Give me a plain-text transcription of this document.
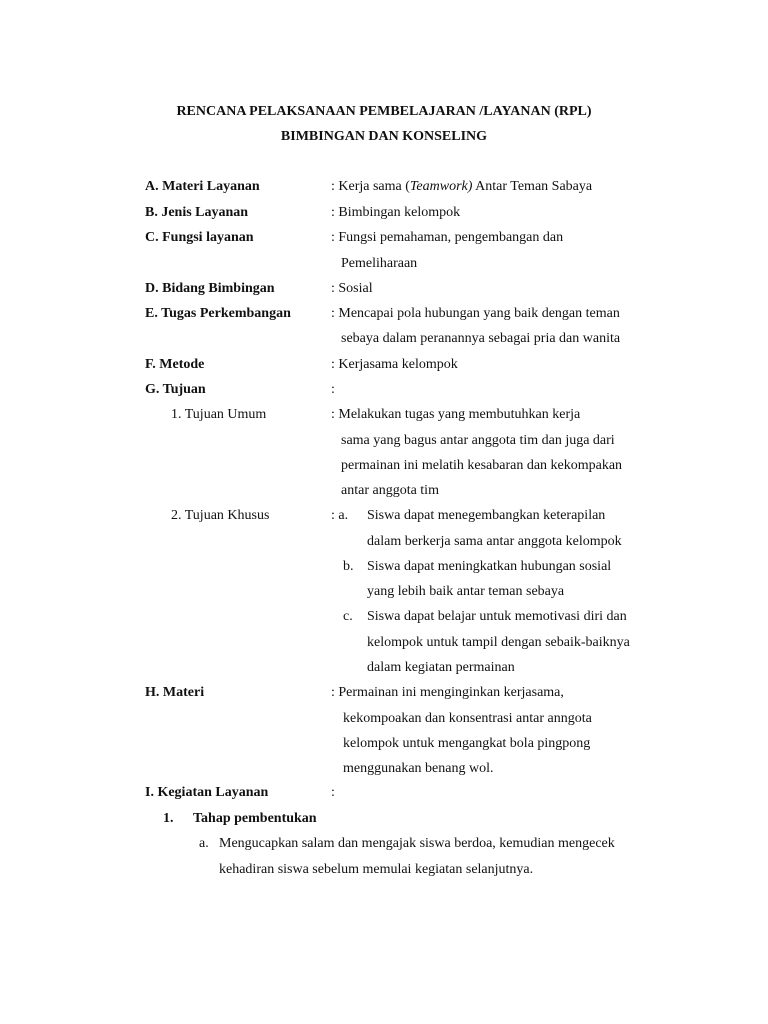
RENCANA PELAKSANAAN PEMBELAJARAN /LAYANAN (RPL)
BIMBINGAN DAN KONSELING
A. Materi Layanan	: Kerja sama (Teamwork) Antar Teman Sabaya
B. Jenis Layanan	: Bimbingan kelompok
C. Fungsi layanan	: Fungsi pemahaman, pengembangan dan
Pemeliharaan
D. Bidang Bimbingan	: Sosial
E. Tugas Perkembangan	: Mencapai pola hubungan yang baik dengan teman
sebaya dalam peranannya sebagai pria dan wanita
F. Metode	: Kerjasama kelompok
G. Tujuan	:
1. Tujuan Umum	: Melakukan tugas yang membutuhkan kerja
sama yang bagus antar anggota tim dan juga dari
permainan ini melatih kesabaran dan kekompakan
antar anggota tim
2. Tujuan Khusus	: a. Siswa dapat menegembangkan keterapilan
dalam berkerja sama antar anggota kelompok
b. Siswa dapat meningkatkan hubungan sosial
yang lebih baik antar teman sebaya
c. Siswa dapat belajar untuk memotivasi diri dan
kelompok untuk tampil dengan sebaik-baiknya
dalam kegiatan permainan
H. Materi	: Permainan ini menginginkan kerjasama,
kekompoakan dan konsentrasi antar anngota
kelompok untuk mengangkat bola pingpong
menggunakan benang wol.
I. Kegiatan Layanan	:
1. Tahap pembentukan
a. Mengucapkan salam dan mengajak siswa berdoa, kemudian mengecek
kehadiran siswa sebelum memulai kegiatan selanjutnya.
